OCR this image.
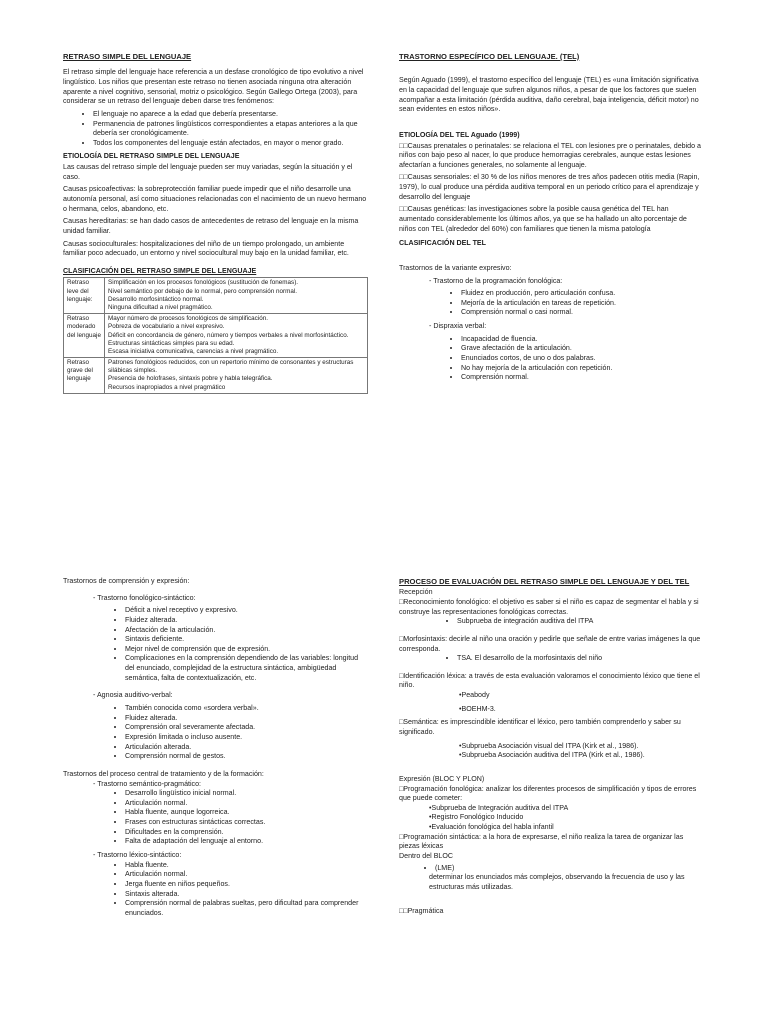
RETRASO SIMPLE DEL LENGUAJE

El retraso simple del lenguaje hace referencia a un desfase cronológico de tipo evolutivo a nivel lingüístico. Los niños que presentan este retraso no tienen asociada ninguna otra alteración aparente a nivel cognitivo, sensorial, motriz o psicológico. Según Gallego Ortega (2003), para considerar se un retraso del lenguaje deben darse tres fenómenos:

• El lenguaje no aparece a la edad que debería presentarse.
• Permanencia de patrones lingüísticos correspondientes a etapas anteriores a la que debería ser cronológicamente.
• Todos los componentes del lenguaje están afectados, en mayor o menor grado.
ETIOLOGÍA DEL RETRASO SIMPLE DEL LENGUAJE

Las causas del retraso simple del lenguaje pueden ser muy variadas, según la situación y el caso.

Causas psicoafectivas: la sobreprotección familiar puede impedir que el niño desarrolle una autonomía personal, así como situaciones relacionadas con el nacimiento de un nuevo hermano o hermana, celos, abandono, etc.

Causas hereditarias: se han dado casos de antecedentes de retraso del lenguaje en la misma unidad familiar.

Causas socioculturales: hospitalizaciones del niño de un tiempo prolongado, un ambiente familiar poco adecuado, un entorno y nivel sociocultural muy bajo en la unidad familiar, etc.

CLASIFICACIÓN DEL RETRASO SIMPLE DEL LENGUAJE
Retraso leve del lenguaje:	Simplificación en los procesos fonológicos (sustitución de fonemas).
Nivel semántico por debajo de lo normal, pero comprensión normal.
Desarrollo morfosintáctico normal.
Ninguna dificultad a nivel pragmático.

Retraso moderado del lenguaje	Mayor número de procesos fonológicos de simplificación.
Pobreza de vocabulario a nivel expresivo.
Déficit en concordancia de género, número y tiempos verbales a nivel morfosintáctico.
Estructuras sintácticas simples para su edad.
Escasa iniciativa comunicativa, carencias a nivel pragmático.

Retraso grave del lenguaje	Patrones fonológicos reducidos, con un repertorio mínimo de consonantes y estructuras silábicas simples.
Presencia de holofrases, sintaxis pobre y habla telegráfica.
Recursos inapropiados a nivel pragmático
TRASTORNO ESPECÍFICO DEL LENGUAJE. (TEL)

Según Aguado (1999), el trastorno específico del lenguaje (TEL) es «una limitación significativa en la capacidad del lenguaje que sufren algunos niños, a pesar de que los factores que suelen acompañar a esta limitación (pérdida auditiva, daño cerebral, baja inteligencia, déficit motor) no sean evidentes en estos niños».

ETIOLOGÍA DEL TEL Aguado (1999)

□□Causas prenatales o perinatales: se relaciona el TEL con lesiones pre o perinatales, debido a niños con bajo peso al nacer, lo que produce hemorragias cerebrales, aunque estas lesiones afectarían a funciones generales, no solamente al lenguaje.

□□Causas sensoriales: el 30 % de los niños menores de tres años padecen otitis media (Rapin, 1979), lo cual produce una pérdida auditiva temporal en un periodo crítico para el aprendizaje y desarrollo del lenguaje

□□Causas genéticas: las investigaciones sobre la posible causa genética del TEL han aumentado considerablemente los últimos años, ya que se ha hallado un alto porcentaje de niños con TEL (alrededor del 60%) con familiares que tienen la misma patología

CLASIFICACIÓN DEL TEL

Trastornos de la variante expresivo:

- Trastorno de la programación fonológica:

• Fluidez en producción, pero articulación confusa.
• Mejoría de la articulación en tareas de repetición.
• Comprensión normal o casi normal.

- Dispraxia verbal:

• Incapacidad de fluencia.
• Grave afectación de la articulación.
• Enunciados cortos, de uno o dos palabras.
• No hay mejoría de la articulación con repetición.
• Comprensión normal.

Trastornos de comprensión y expresión:

- Trastorno fonológico-sintáctico:

• Déficit a nivel receptivo y expresivo.
• Fluidez alterada.
• Afectación de la articulación.
• Sintaxis deficiente.
• Mejor nivel de comprensión que de expresión.
• Complicaciones en la comprensión dependiendo de las variables: longitud del enunciado, complejidad de la estructura sintáctica, ambigüedad semántica, falta de contextualización, etc.

- Agnosia auditivo-verbal:

• También conocida como «sordera verbal».
• Fluidez alterada.
• Comprensión oral severamente afectada.
• Expresión limitada o incluso ausente.
• Articulación alterada.
• Comprensión normal de gestos.

Trastornos del proceso central de tratamiento y de la formación:

- Trastorno semántico-pragmático:

• Desarrollo lingüístico inicial normal.
• Articulación normal.
• Habla fluente, aunque logorreica.
• Frases con estructuras sintácticas correctas.
• Dificultades en la comprensión.
• Falta de adaptación del lenguaje al entorno.

- Trastorno léxico-sintáctico:

• Habla fluente.
• Articulación normal.
• Jerga fluente en niños pequeños.
• Sintaxis alterada.
• Comprensión normal de palabras sueltas, pero dificultad para comprender enunciados.
PROCESO DE EVALUACIÓN DEL RETRASO SIMPLE DEL LENGUAJE Y DEL TEL

Recepción

□Reconocimiento fonológico: el objetivo es saber si el niño es capaz de segmentar el habla y si construye las representaciones fonológicas correctas.

• Subprueba de integración auditiva del ITPA

□Morfosintaxis: decirle al niño una oración y pedirle que señale de entre varias imágenes la que corresponda.

• TSA. El desarrollo de la morfosintaxis del niño

□Identificación léxica: a través de esta evaluación valoramos el conocimiento léxico que tiene el niño.

•Peabody

•BOEHM-3.

□Semántica: es imprescindible identificar el léxico, pero también comprenderlo y saber su significado.

•Subprueba Asociación visual del ITPA (Kirk et al., 1986).

•Subprueba Asociación auditiva del ITPA (Kirk et al., 1986).

Expresión (BLOC Y PLON)

□Programación fonológica: analizar los diferentes procesos de simplificación y tipos de errores que puede cometer:

•Subprueba de Integración auditiva del ITPA

•Registro Fonológico Inducido

•Evaluación fonológica del habla infantil

□Programación sintáctica: a la hora de expresarse, el niño realiza la tarea de organizar las piezas léxicas

Dentro del BLOC

• (LME)

determinar los enunciados más complejos, observando la frecuencia de uso y las estructuras más utilizadas.

□□Pragmática
